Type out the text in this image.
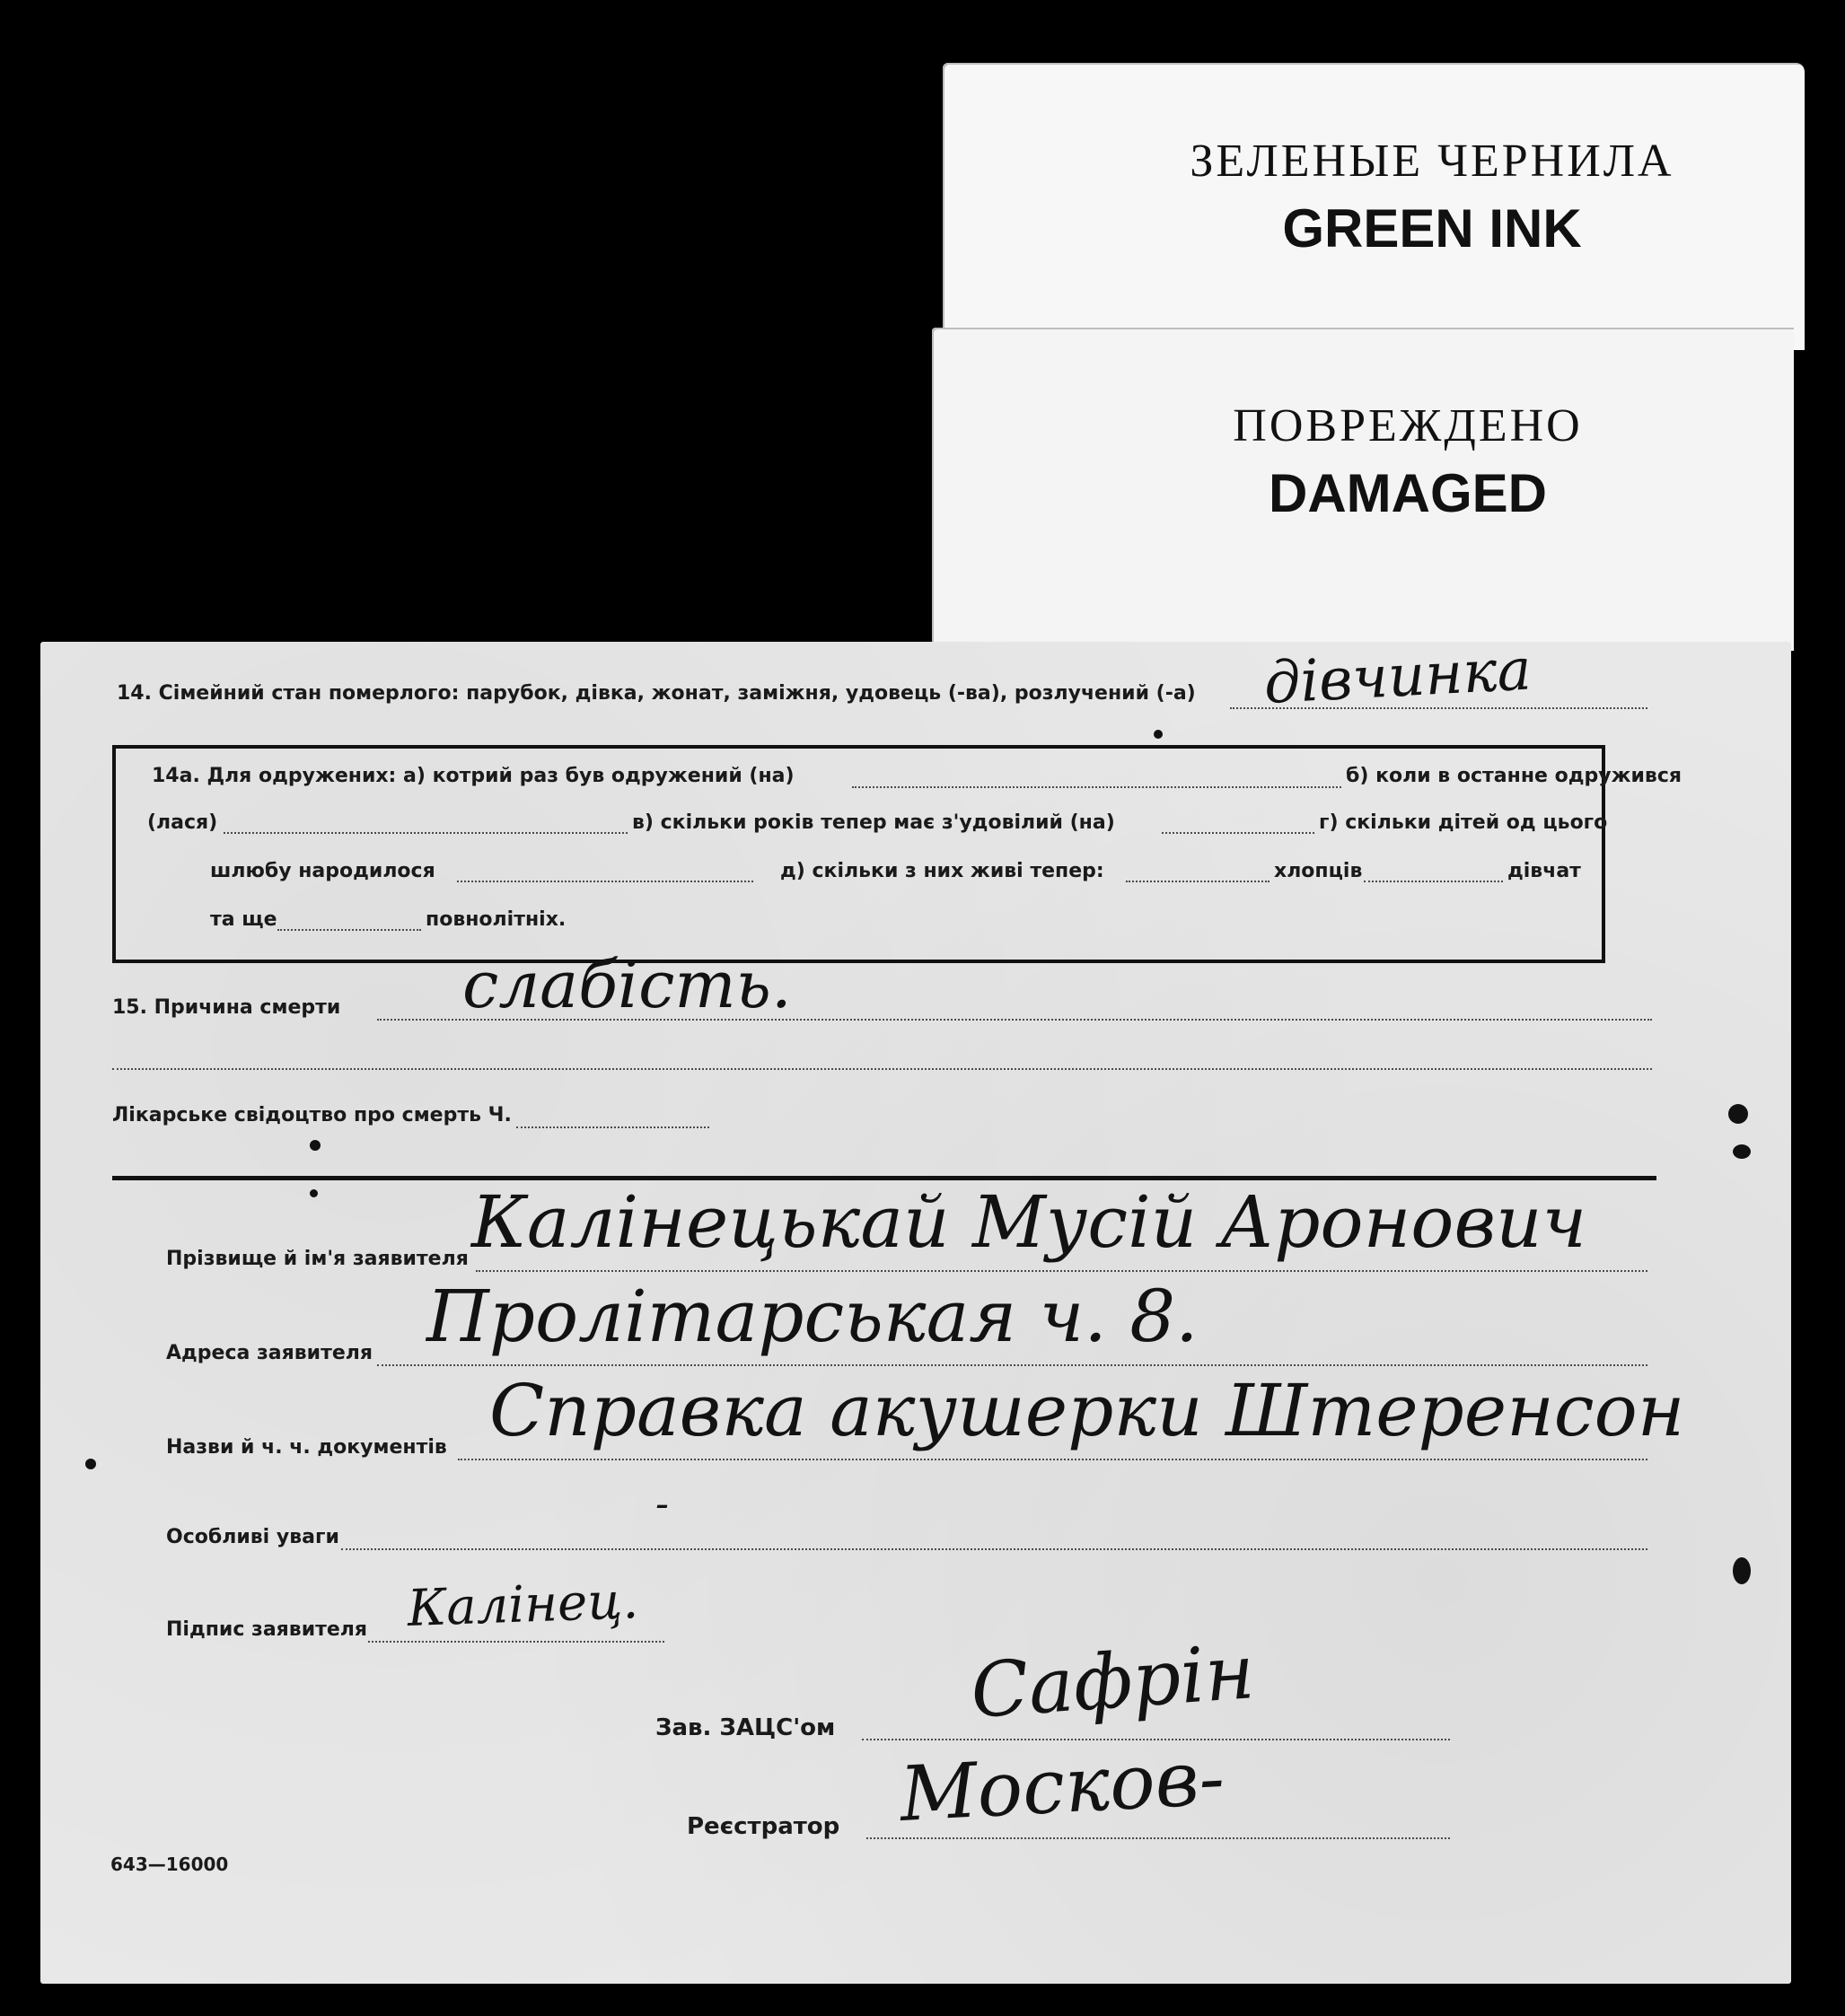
ЗЕЛЕНЫЕ ЧЕРНИЛА
GREEN INK
ПОВРЕЖДЕНО
DAMAGED
14. Сімейний стан померлого: парубок, дівка, жонат, заміжня, удовець (-ва), розлучений (-а) дівчинка
14а. Для одружених: а) котрий раз був одружений (на)	б) коли в останне одружився
(лася)	в) скільки років тепер має з'удовілий (на)	г) скільки дітей од цього
шлюбу народилося	д) скільки з них живі тепер:	хлопців	дівчат
та ще	повнолітніх.
15. Причина смерти слабість.
Лікарське свідоцтво про смерть Ч.
Прізвище й ім'я заявителя Калінецькай Мусій Аронович
Адреса заявителя Пролітарськая ч. 8.
Назви й ч. ч. документів Справка акушерки Штеренсон
Особливі уваги
-
Підпис заявителя Калінец.
Зав. ЗАЦС'ом Сафрін
Реєстратор Москов-
643—16000
